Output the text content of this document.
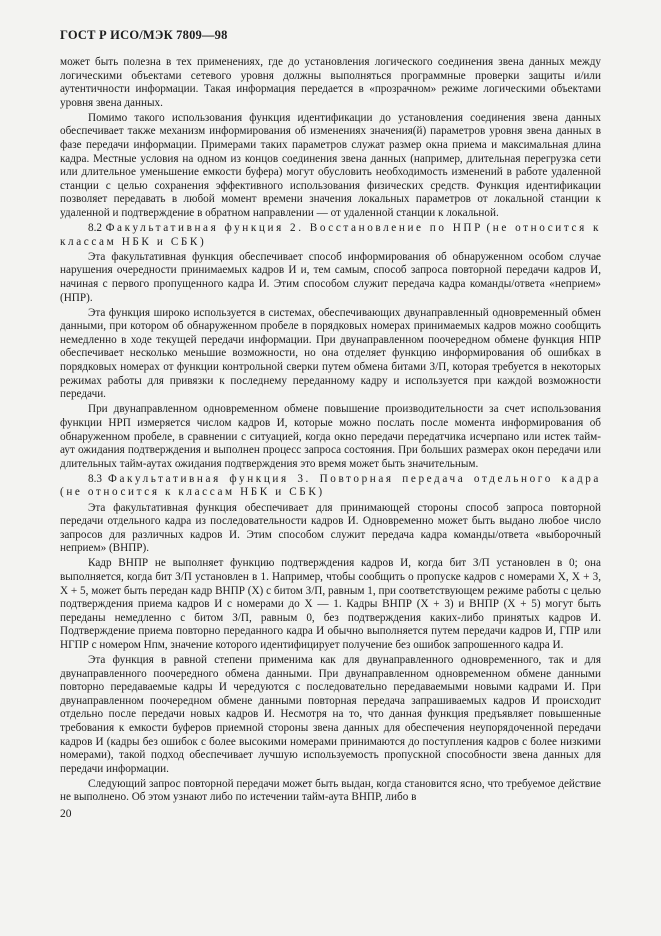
ГОСТ Р ИСО/МЭК 7809—98

может быть полезна в тех применениях, где до установления логического соединения звена данных между логическими объектами сетевого уровня должны выполняться программные проверки защиты и/или аутентичности информации. Такая информация передается в «прозрачном» режиме логическими объектами уровня звена данных.

Помимо такого использования функция идентификации до установления соединения звена данных обеспечивает также механизм информирования об изменениях значения(й) параметров уровня звена данных в фазе передачи информации. Примерами таких параметров служат размер окна приема и максимальная длина кадра. Местные условия на одном из концов соединения звена данных (например, длительная перегрузка сети или длительное уменьшение емкости буфера) могут обусловить необходимость изменений в работе удаленной станции с целью сохранения эффективного использования физических средств. Функция идентификации позволяет передавать в любой момент времени значения локальных параметров от локальной станции к удаленной и подтверждение в обратном направлении — от удаленной станции к локальной.

8.2 Факультативная функция 2. Восстановление по НПР (не относится к классам НБК и СБК)

Эта факультативная функция обеспечивает способ информирования об обнаруженном особом случае нарушения очередности принимаемых кадров И и, тем самым, способ запроса повторной передачи кадров И, начиная с первого пропущенного кадра И. Этим способом служит передача кадра команды/ответа «неприем» (НПР).

Эта функция широко используется в системах, обеспечивающих двунаправленный одновременный обмен данными, при котором об обнаруженном пробеле в порядковых номерах принимаемых кадров можно сообщить немедленно в ходе текущей передачи информации. При двунаправленном поочередном обмене функция НПР обеспечивает несколько меньшие возможности, но она отделяет функцию информирования об ошибках в порядковых номерах от функции контрольной сверки путем обмена битами З/П, которая требуется в некоторых режимах работы для привязки к последнему переданному кадру и используется при каждой возможности передачи.

При двунаправленном одновременном обмене повышение производительности за счет использования функции НРП измеряется числом кадров И, которые можно послать после момента информирования об обнаруженном пробеле, в сравнении с ситуацией, когда окно передачи передатчика исчерпано или истек тайм-аут ожидания подтверждения и выполнен процесс запроса состояния. При больших размерах окон передачи или длительных тайм-аутах ожидания подтверждения это время может быть значительным.

8.3 Факультативная функция 3. Повторная передача отдельного кадра (не относится к классам НБК и СБК)

Эта факультативная функция обеспечивает для принимающей стороны способ запроса повторной передачи отдельного кадра из последовательности кадров И. Одновременно может быть выдано любое число запросов для различных кадров И. Этим способом служит передача кадра команды/ответа «выборочный неприем» (ВНПР).

Кадр ВНПР не выполняет функцию подтверждения кадров И, когда бит З/П установлен в 0; она выполняется, когда бит З/П установлен в 1. Например, чтобы сообщить о пропуске кадров с номерами X, X + 3, X + 5, может быть передан кадр ВНПР (X) с битом З/П, равным 1, при соответствующем режиме работы с целью подтверждения приема кадров И с номерами до X — 1. Кадры ВНПР (X + 3) и ВНПР (X + 5) могут быть переданы немедленно с битом З/П, равным 0, без подтверждения каких-либо принятых кадров И. Подтверждение приема повторно переданного кадра И обычно выполняется путем передачи кадров И, ГПР или НГПР с номером Нпм, значение которого идентифицирует получение без ошибок запрошенного кадра И.

Эта функция в равной степени применима как для двунаправленного одновременного, так и для двунаправленного поочередного обмена данными. При двунаправленном одновременном обмене данными повторно передаваемые кадры И чередуются с последовательно передаваемыми новыми кадрами И. При двунаправленном поочередном обмене данными повторная передача запрашиваемых кадров И происходит отдельно после передачи новых кадров И. Несмотря на то, что данная функция предъявляет повышенные требования к емкости буферов приемной стороны звена данных для обеспечения неупорядоченной передачи кадров И (кадры без ошибок с более высокими номерами принимаются до поступления кадров с более низкими номерами), такой подход обеспечивает лучшую используемость пропускной способности звена данных для передачи информации.

Следующий запрос повторной передачи может быть выдан, когда становится ясно, что требуемое действие не выполнено. Об этом узнают либо по истечении тайм-аута ВНПР, либо в

20
